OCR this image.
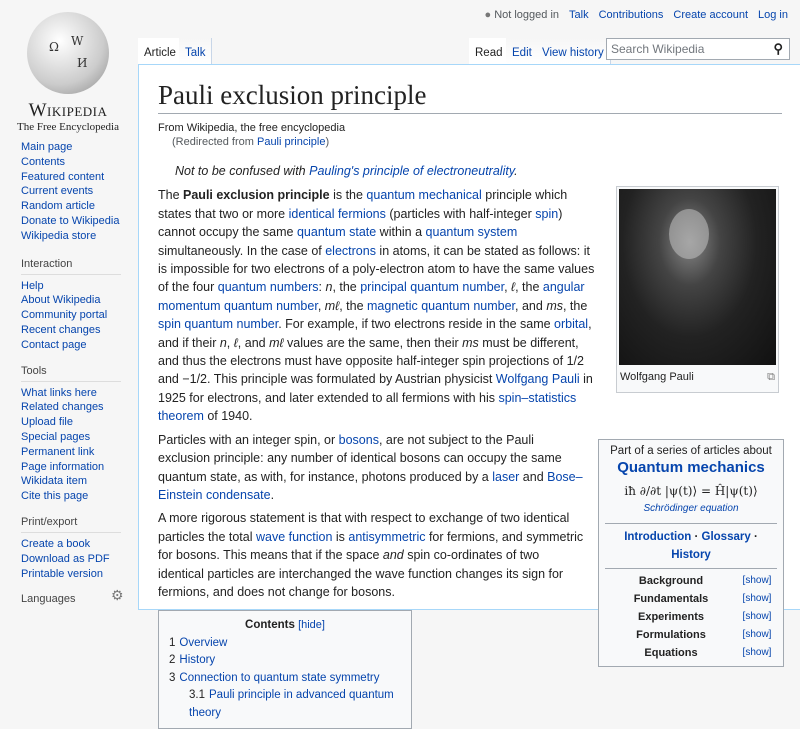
Ω W
И
Wikipedia
The Free Encyclopedia
● Not logged in Talk Contributions Create account Log in
Article Talk	Read Edit View history Search Wikipedia	⚲
Main page
Contents
Featured content
Current events
Random article
Donate to Wikipedia
Wikipedia store
Interaction
Help
About Wikipedia
Community portal
Recent changes
Contact page
Tools
What links here
Related changes
Upload file
Special pages
Permanent link
Page information
Wikidata item
Cite this page
Print/export
Create a book
Download as PDF
Printable version
Languages	⚙
Pauli exclusion principle
From Wikipedia, the free encyclopedia
(Redirected from Pauli principle)
Not to be confused with Pauling's principle of electroneutrality.
Wolfgang Pauli	⧉

The Pauli exclusion principle is the quantum mechanical principle which states that two or more identical fermions (particles with half-integer spin) cannot occupy the same quantum state within a quantum system simultaneously. In the case of electrons in atoms, it can be stated as follows: it is impossible for two electrons of a poly-electron atom to have the same values of the four quantum numbers: n, the principal quantum number, ℓ, the angular momentum quantum number, mℓ, the magnetic quantum number, and ms, the spin quantum number. For example, if two electrons reside in the same orbital, and if their n, ℓ, and mℓ values are the same, then their ms must be different, and thus the electrons must have opposite half-integer spin projections of 1/2 and −1/2. This principle was formulated by Austrian physicist Wolfgang Pauli in 1925 for electrons, and later extended to all fermions with his spin–statistics theorem of 1940.

Part of a series of articles about
Quantum mechanics
iħ ∂/∂t |ψ(t)⟩ = Ĥ|ψ(t)⟩
Schrödinger equation
Introduction · Glossary · History
Background	[show]
Fundamentals	[show]
Experiments	[show]
Formulations	[show]
Equations	[show]

Particles with an integer spin, or bosons, are not subject to the Pauli exclusion principle: any number of identical bosons can occupy the same quantum state, as with, for instance, photons produced by a laser and Bose–Einstein condensate.

A more rigorous statement is that with respect to exchange of two identical particles the total wave function is antisymmetric for fermions, and symmetric for bosons. This means that if the space and spin co-ordinates of two identical particles are interchanged the wave function changes its sign for fermions, and does not change for bosons.

Contents [hide]
1 Overview
2 History
3 Connection to quantum state symmetry
3.1 Pauli principle in advanced quantum theory
